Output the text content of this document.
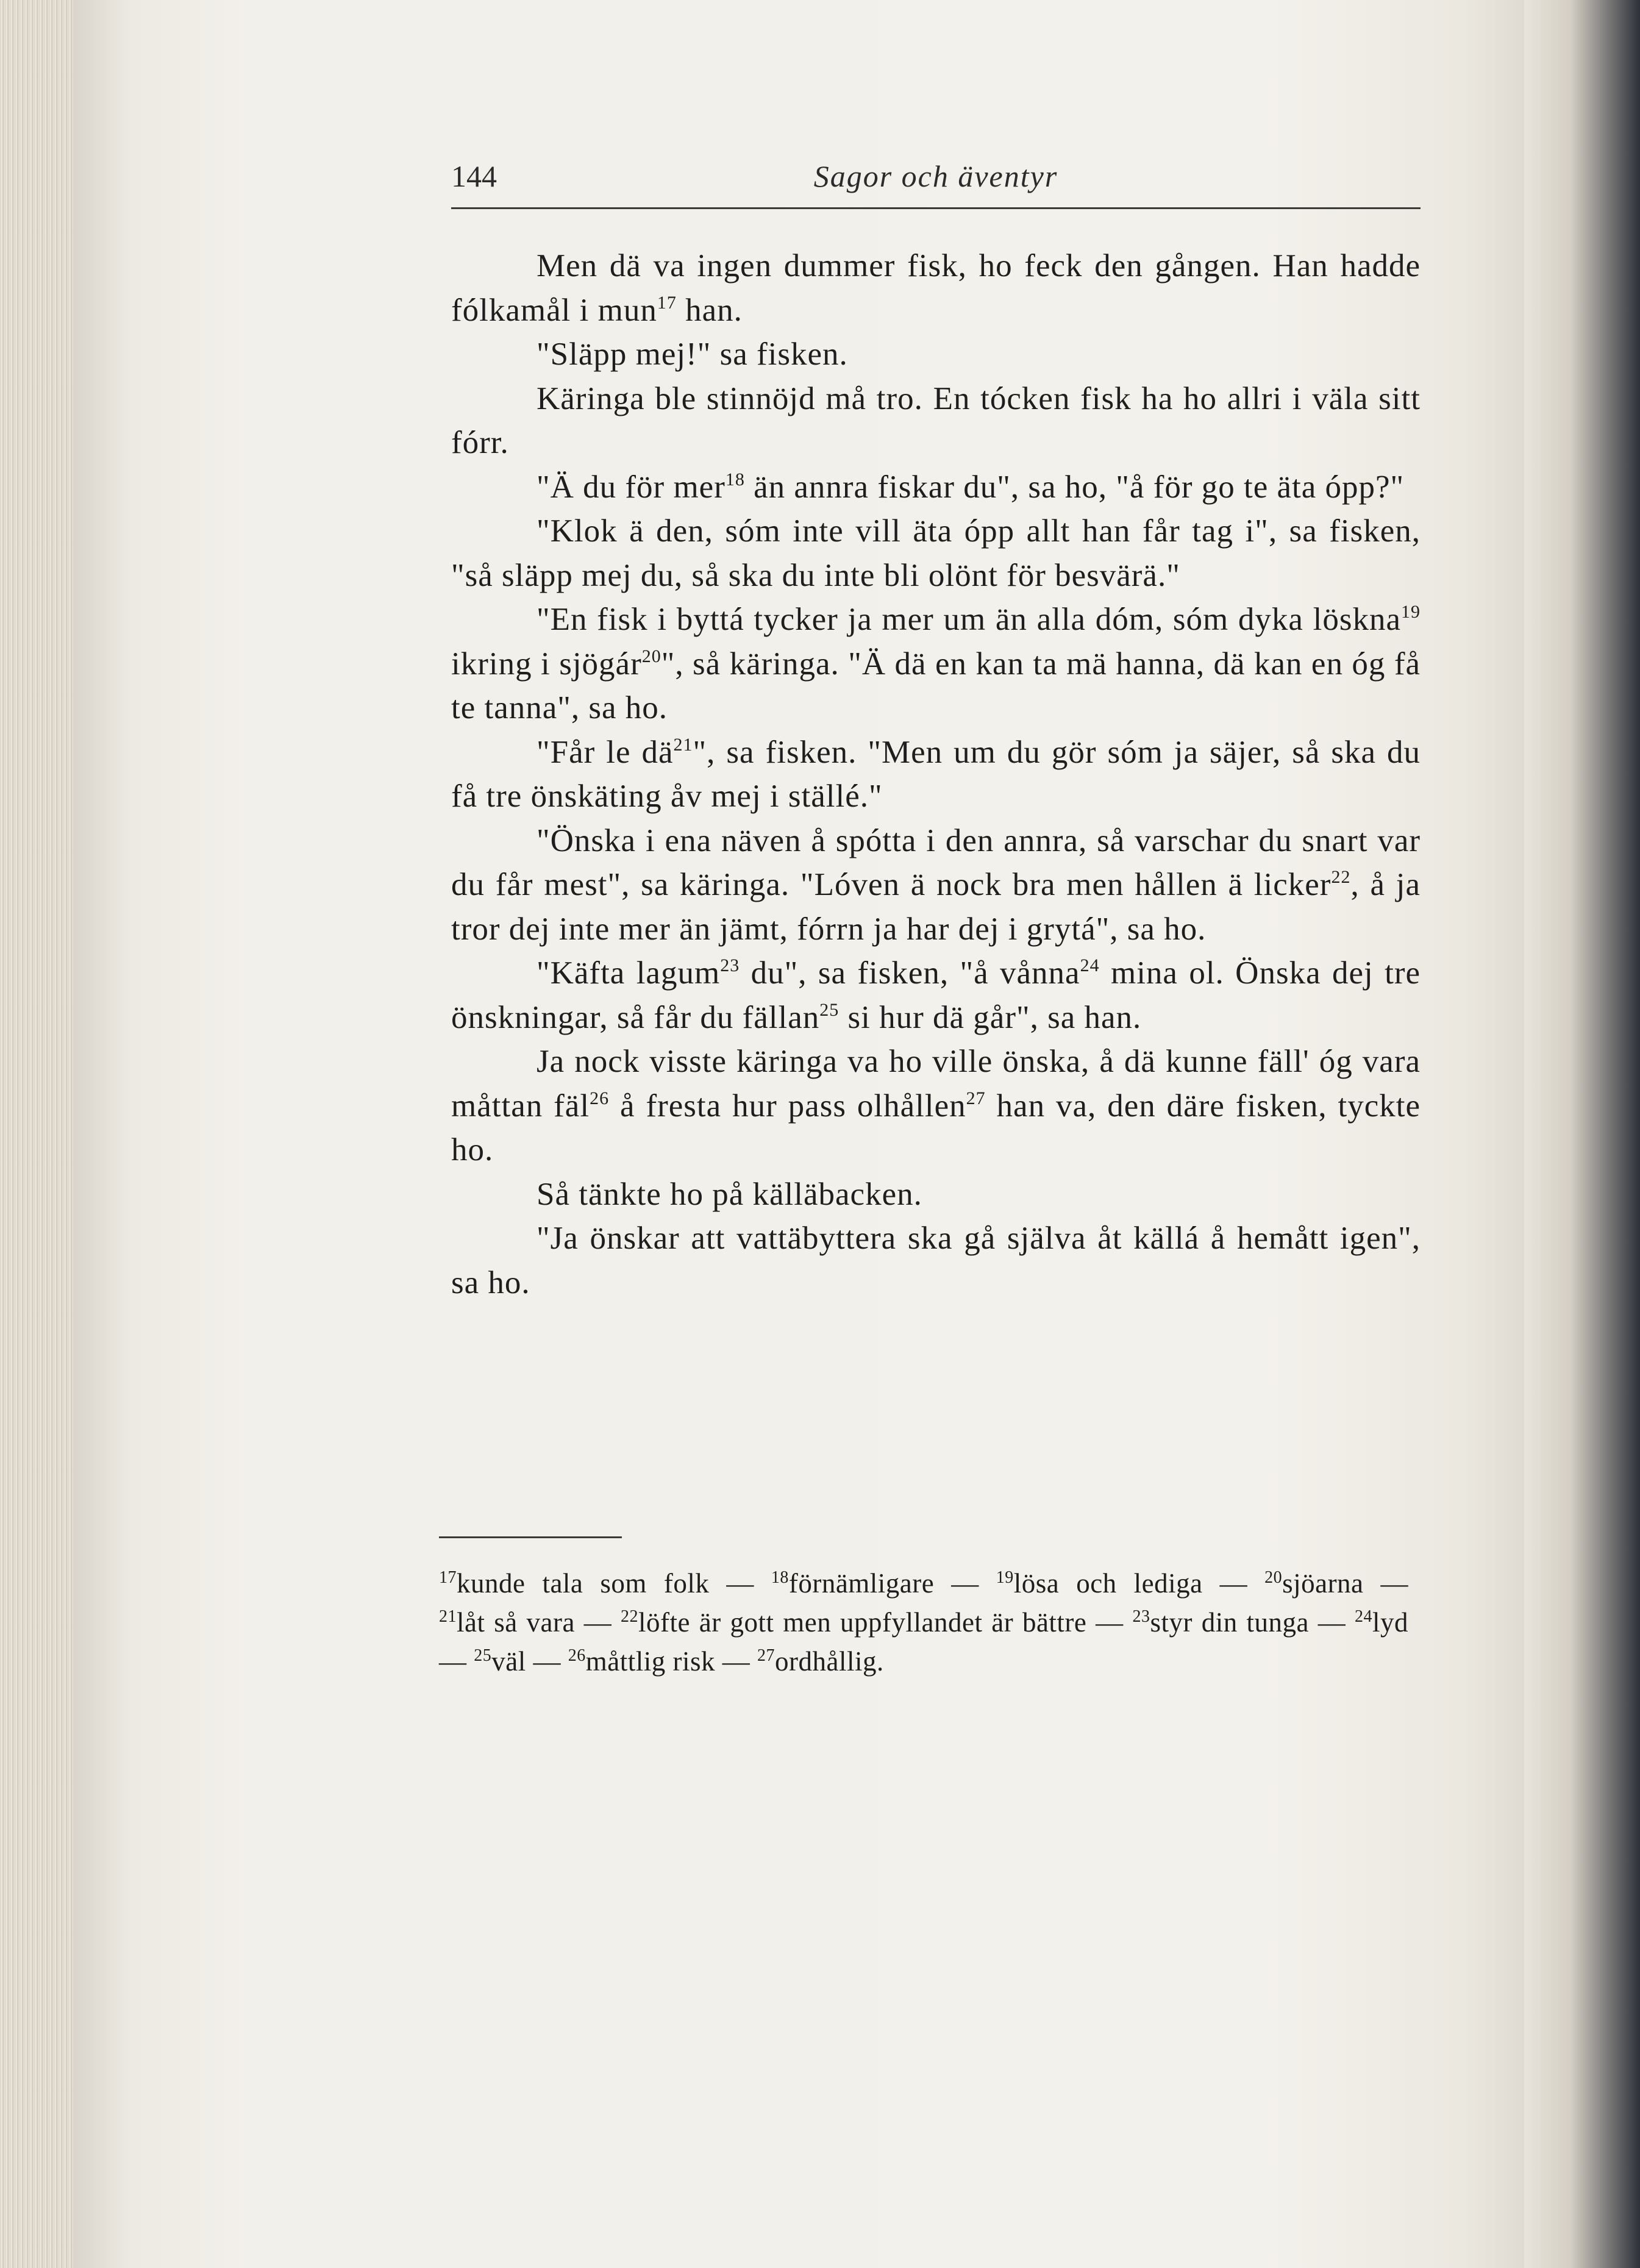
144	Sagor och äventyr

Men dä va ingen dummer fisk, ho feck den gången. Han hadde fólkamål i mun$^{17}$ han.

"Släpp mej!" sa fisken.

Käringa ble stinnöjd må tro. En tócken fisk ha ho allri i väla sitt fórr.

"Ä du för mer$^{18}$ än annra fiskar du", sa ho, "å för go te äta ópp?"

"Klok ä den, sóm inte vill äta ópp allt han får tag i", sa fisken, "så släpp mej du, så ska du inte bli olönt för besvärä."

"En fisk i byttá tycker ja mer um än alla dóm, sóm dyka löskna$^{19}$ ikring i sjögár$^{20}$", så käringa. "Ä dä en kan ta mä hanna, dä kan en óg få te tanna", sa ho.

"Får le $dä^{21}$", sa fisken. "Men um du gör sóm ja säjer, så ska du få tre önskäting åv mej i ställé."

"Önska i ena näven å spótta i den annra, så varschar du snart var du får mest", sa käringa. "Lóven ä nock bra men hållen ä licker$^{22}$, å ja tror dej inte mer än jämt, fórrn ja har dej i grytá", sa ho.

"Käfta lagum$^{23}$ du", sa fisken, "å vånna$^{24}$ mina ol. Önska dej tre önskningar, så får du fällan$^{25}$ si hur dä går", sa han.

Ja nock visste käringa va ho ville önska, å dä kunne fäll' óg vara måttan fäl$^{26}$ å fresta hur pass olhållen$^{27}$ han va, den däre fisken, tyckte ho.

Så tänkte ho på källäbacken.

"Ja önskar att vattäbyttera ska gå själva åt källá å hemått igen", sa ho.

$^{17}$kunde tala som folk — $^{18}$förnämligare — $^{19}$lösa och lediga — $^{20}$sjöarna — $^{21}$låt så vara — $^{22}$löfte är gott men uppfyllandet är bättre — $^{23}$styr din tunga — $^{24}$lyd — $^{25}$väl — $^{26}$måttlig risk — $^{27}$ordhållig.
